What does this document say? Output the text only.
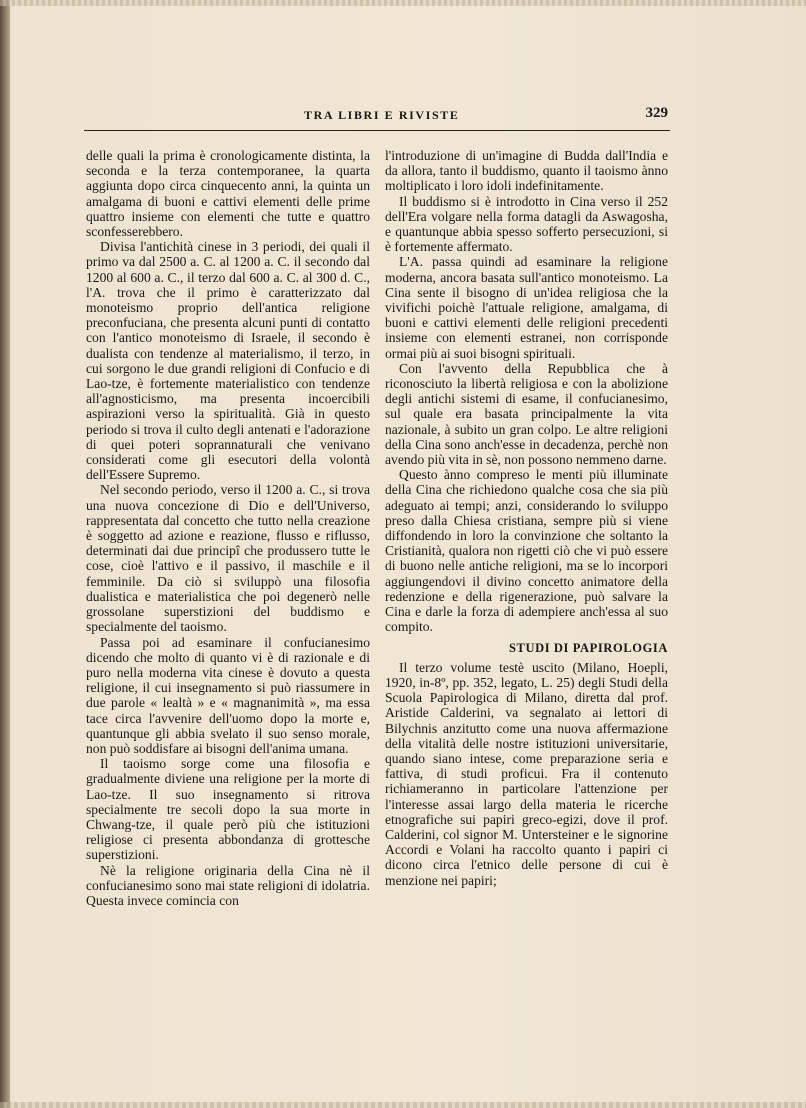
TRA LIBRI E RIVISTE	329

delle quali la prima è cronologicamente distinta, la seconda e la terza contemporanee, la quarta aggiunta dopo circa cinquecento anni, la quinta un amalgama di buoni e cattivi elementi delle prime quattro insieme con elementi che tutte e quattro sconfesserebbero.

Divisa l'antichità cinese in 3 periodi, dei quali il primo va dal 2500 a. C. al 1200 a. C. il secondo dal 1200 al 600 a. C., il terzo dal 600 a. C. al 300 d. C., l'A. trova che il primo è caratterizzato dal monoteismo proprio dell'antica religione preconfuciana, che presenta alcuni punti di contatto con l'antico monoteismo di Israele, il secondo è dualista con tendenze al materialismo, il terzo, in cui sorgono le due grandi religioni di Confucio e di Lao-tze, è fortemente materialistico con tendenze all'agnosticismo, ma presenta incoercibili aspirazioni verso la spiritualità. Già in questo periodo si trova il culto degli antenati e l'adorazione di quei poteri soprannaturali che venivano considerati come gli esecutori della volontà dell'Essere Supremo.

Nel secondo periodo, verso il 1200 a. C., si trova una nuova concezione di Dio e dell'Universo, rappresentata dal concetto che tutto nella creazione è soggetto ad azione e reazione, flusso e riflusso, determinati dai due principî che produssero tutte le cose, cioè l'attivo e il passivo, il maschile e il femminile. Da ciò si sviluppò una filosofia dualistica e materialistica che poi degenerò nelle grossolane superstizioni del buddismo e specialmente del taoismo.

Passa poi ad esaminare il confucianesimo dicendo che molto di quanto vi è di razionale e di puro nella moderna vita cinese è dovuto a questa religione, il cui insegnamento si può riassumere in due parole « lealtà » e « magnanimità », ma essa tace circa l'avvenire dell'uomo dopo la morte e, quantunque gli abbia svelato il suo senso morale, non può soddisfare ai bisogni dell'anima umana.

Il taoismo sorge come una filosofia e gradualmente diviene una religione per la morte di Lao-tze. Il suo insegnamento si ritrova specialmente tre secoli dopo la sua morte in Chwang-tze, il quale però più che istituzioni religiose ci presenta abbondanza di grottesche superstizioni.

Nè la religione originaria della Cina nè il confucianesimo sono mai state religioni di idolatria. Questa invece comincia con

l'introduzione di un'imagine di Budda dall'India e da allora, tanto il buddismo, quanto il taoismo ànno moltiplicato i loro idoli indefinitamente.

Il buddismo si è introdotto in Cina verso il 252 dell'Era volgare nella forma datagli da Aswagosha, e quantunque abbia spesso sofferto persecuzioni, si è fortemente affermato.

L'A. passa quindi ad esaminare la religione moderna, ancora basata sull'antico monoteismo. La Cina sente il bisogno di un'idea religiosa che la vivifichi poichè l'attuale religione, amalgama, di buoni e cattivi elementi delle religioni precedenti insieme con elementi estranei, non corrisponde ormai più ai suoi bisogni spirituali.

Con l'avvento della Repubblica che à riconosciuto la libertà religiosa e con la abolizione degli antichi sistemi di esame, il confucianesimo, sul quale era basata principalmente la vita nazionale, à subito un gran colpo. Le altre religioni della Cina sono anch'esse in decadenza, perchè non avendo più vita in sè, non possono nemmeno darne.

Questo ànno compreso le menti più illuminate della Cina che richiedono qualche cosa che sia più adeguato ai tempi; anzi, considerando lo sviluppo preso dalla Chiesa cristiana, sempre più si viene diffondendo in loro la convinzione che soltanto la Cristianità, qualora non rigetti ciò che vi può essere di buono nelle antiche religioni, ma se lo incorpori aggiungendovi il divino concetto animatore della redenzione e della rigenerazione, può salvare la Cina e darle la forza di adempiere anch'essa al suo compito.

STUDI DI PAPIROLOGIA

Il terzo volume testè uscito (Milano, Hoepli, 1920, in-8º, pp. 352, legato, L. 25) degli Studi della Scuola Papirologica di Milano, diretta dal prof. Aristide Calderini, va segnalato ai lettori di Bilychnis anzitutto come una nuova affermazione della vitalità delle nostre istituzioni universitarie, quando siano intese, come preparazione seria e fattiva, di studi proficui. Fra il contenuto richiameranno in particolare l'attenzione per l'interesse assai largo della materia le ricerche etnografiche sui papiri greco-egizi, dove il prof. Calderini, col signor M. Untersteiner e le signorine Accordi e Volani ha raccolto quanto i papiri ci dicono circa l'etnico delle persone di cui è menzione nei papiri;
